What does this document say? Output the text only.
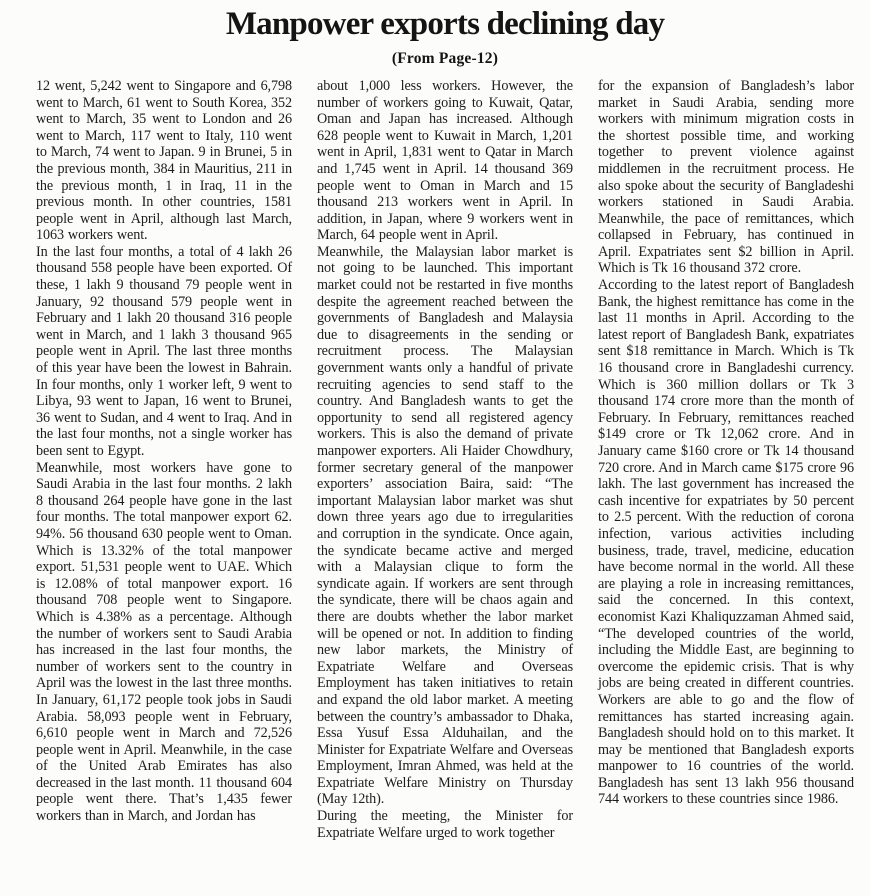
Manpower exports declining day
(From Page-12)

12 went, 5,242 went to Singapore and 6,798 went to March, 61 went to South Korea, 352 went to March, 35 went to London and 26 went to March, 117 went to Italy, 110 went to March, 74 went to Japan. 9 in Brunei, 5 in the previous month, 384 in Mauritius, 211 in the previous month, 1 in Iraq, 11 in the previous month. In other countries, 1581 people went in April, although last March, 1063 workers went.

In the last four months, a total of 4 lakh 26 thousand 558 people have been exported. Of these, 1 lakh 9 thousand 79 people went in January, 92 thousand 579 people went in February and 1 lakh 20 thousand 316 people went in March, and 1 lakh 3 thousand 965 people went in April. The last three months of this year have been the lowest in Bahrain. In four months, only 1 worker left, 9 went to Libya, 93 went to Japan, 16 went to Brunei, 36 went to Sudan, and 4 went to Iraq. And in the last four months, not a single worker has been sent to Egypt.

Meanwhile, most workers have gone to Saudi Arabia in the last four months. 2 lakh 8 thousand 264 people have gone in the last four months. The total manpower export 62. 94%. 56 thousand 630 people went to Oman. Which is 13.32% of the total manpower export. 51,531 people went to UAE. Which is 12.08% of total manpower export. 16 thousand 708 people went to Singapore. Which is 4.38% as a percentage. Although the number of workers sent to Saudi Arabia has increased in the last four months, the number of workers sent to the country in April was the lowest in the last three months. In January, 61,172 people took jobs in Saudi Arabia. 58,093 people went in February, 6,610 people went in March and 72,526 people went in April. Meanwhile, in the case of the United Arab Emirates has also decreased in the last month. 11 thousand 604 people went there. That’s 1,435 fewer workers than in March, and Jordan has

about 1,000 less workers. However, the number of workers going to Kuwait, Qatar, Oman and Japan has increased. Although 628 people went to Kuwait in March, 1,201 went in April, 1,831 went to Qatar in March and 1,745 went in April. 14 thousand 369 people went to Oman in March and 15 thousand 213 workers went in April. In addition, in Japan, where 9 workers went in March, 64 people went in April.

Meanwhile, the Malaysian labor market is not going to be launched. This important market could not be restarted in five months despite the agreement reached between the governments of Bangladesh and Malaysia due to disagreements in the sending or recruitment process. The Malaysian government wants only a handful of private recruiting agencies to send staff to the country. And Bangladesh wants to get the opportunity to send all registered agency workers. This is also the demand of private manpower exporters. Ali Haider Chowdhury, former secretary general of the manpower exporters’ association Baira, said: “The important Malaysian labor market was shut down three years ago due to irregularities and corruption in the syndicate. Once again, the syndicate became active and merged with a Malaysian clique to form the syndicate again. If workers are sent through the syndicate, there will be chaos again and there are doubts whether the labor market will be opened or not. In addition to finding new labor markets, the Ministry of Expatriate Welfare and Overseas Employment has taken initiatives to retain and expand the old labor market. A meeting between the country’s ambassador to Dhaka, Essa Yusuf Essa Alduhailan, and the Minister for Expatriate Welfare and Overseas Employment, Imran Ahmed, was held at the Expatriate Welfare Ministry on Thursday (May 12th).

During the meeting, the Minister for Expatriate Welfare urged to work together

for the expansion of Bangladesh’s labor market in Saudi Arabia, sending more workers with minimum migration costs in the shortest possible time, and working together to prevent violence against middlemen in the recruitment process. He also spoke about the security of Bangladeshi workers stationed in Saudi Arabia. Meanwhile, the pace of remittances, which collapsed in February, has continued in April. Expatriates sent $2 billion in April. Which is Tk 16 thousand 372 crore.

According to the latest report of Bangladesh Bank, the highest remittance has come in the last 11 months in April. According to the latest report of Bangladesh Bank, expatriates sent $18 remittance in March. Which is Tk 16 thousand crore in Bangladeshi currency. Which is 360 million dollars or Tk 3 thousand 174 crore more than the month of February. In February, remittances reached $149 crore or Tk 12,062 crore. And in January came $160 crore or Tk 14 thousand 720 crore. And in March came $175 crore 96 lakh. The last government has increased the cash incentive for expatriates by 50 percent to 2.5 percent. With the reduction of corona infection, various activities including business, trade, travel, medicine, education have become normal in the world. All these are playing a role in increasing remittances, said the concerned. In this context, economist Kazi Khaliquzzaman Ahmed said, “The developed countries of the world, including the Middle East, are beginning to overcome the epidemic crisis. That is why jobs are being created in different countries. Workers are able to go and the flow of remittances has started increasing again. Bangladesh should hold on to this market. It may be mentioned that Bangladesh exports manpower to 16 countries of the world. Bangladesh has sent 13 lakh 956 thousand 744 workers to these countries since 1986.
